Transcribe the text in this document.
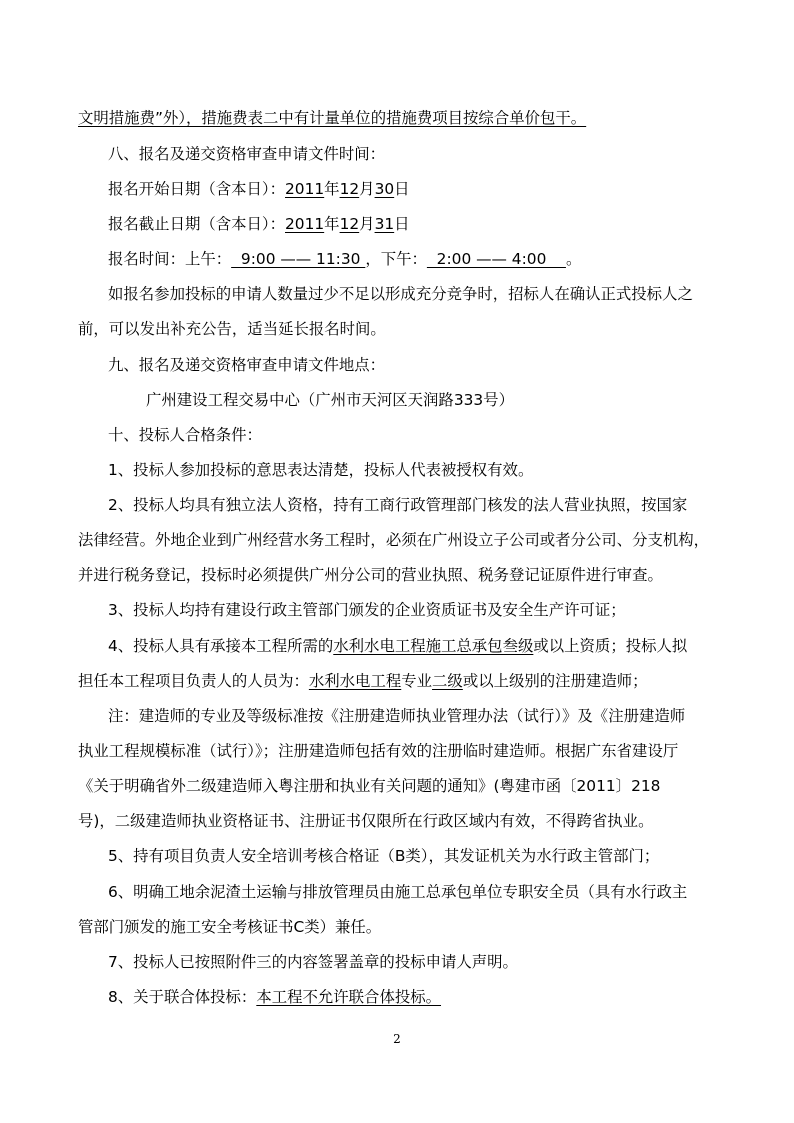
文明措施费”外），措施费表二中有计量单位的措施费项目按综合单价包干。
八、报名及递交资格审查申请文件时间：
报名开始日期（含本日）：2011年12月30日
报名截止日期（含本日）：2011年12月31日
报名时间：上午：  9:00 —— 11:30 ，下午：  2:00 —— 4:00    。
如报名参加投标的申请人数量过少不足以形成充分竞争时，招标人在确认正式投标人之
前，可以发出补充公告，适当延长报名时间。
九、报名及递交资格审查申请文件地点：
广州建设工程交易中心（广州市天河区天润路333号）
十、投标人合格条件：
1、投标人参加投标的意思表达清楚，投标人代表被授权有效。
2、投标人均具有独立法人资格，持有工商行政管理部门核发的法人营业执照，按国家
法律经营。外地企业到广州经营水务工程时，必须在广州设立子公司或者分公司、分支机构，
并进行税务登记，投标时必须提供广州分公司的营业执照、税务登记证原件进行审查。
3、投标人均持有建设行政主管部门颁发的企业资质证书及安全生产许可证；
4、投标人具有承接本工程所需的水利水电工程施工总承包叁级或以上资质；投标人拟
担任本工程项目负责人的人员为：水利水电工程专业二级或以上级别的注册建造师；
注：建造师的专业及等级标准按《注册建造师执业管理办法（试行）》及《注册建造师
执业工程规模标准（试行）》；注册建造师包括有效的注册临时建造师。根据广东省建设厅
《关于明确省外二级建造师入粤注册和执业有关问题的通知》(粤建市函〔2011〕218
号)，二级建造师执业资格证书、注册证书仅限所在行政区域内有效，不得跨省执业。
5、持有项目负责人安全培训考核合格证（B类），其发证机关为水行政主管部门；
6、明确工地余泥渣土运输与排放管理员由施工总承包单位专职安全员（具有水行政主
管部门颁发的施工安全考核证书C类）兼任。
7、投标人已按照附件三的内容签署盖章的投标申请人声明。
8、关于联合体投标：本工程不允许联合体投标。
2
